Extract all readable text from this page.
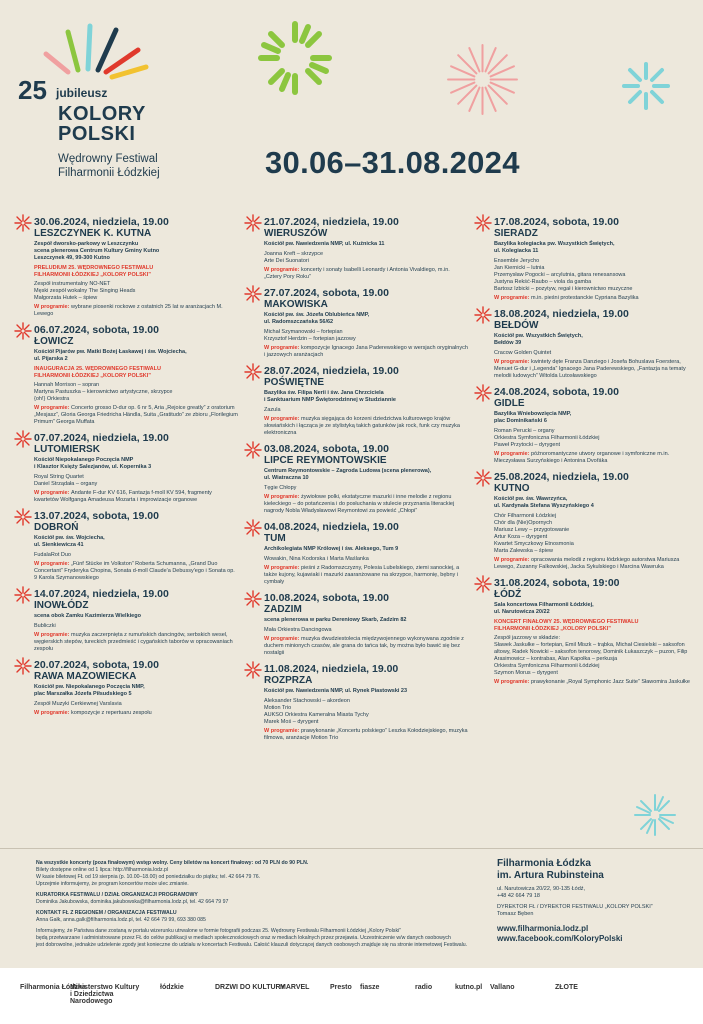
25 jubileusz
KOLORY
POLSKI
Wędrowny Festiwal
Filharmonii Łódzkiej	30.06–31.08.2024
30.06.2024, niedziela, 19.00
LESZCZYNEK K. KUTNA
Zespół dworsko-parkowy w Leszczynku
scena plenerowa Centrum Kultury Gminy Kutno
Leszczynek 49, 99-300 Kutno
PRELUDIUM 25. WĘDROWNEGO FESTIWALU
FILHARMONII ŁÓDZKIEJ „KOLORY POLSKI”
Zespół instrumentalny NO-NET
Męski zespół wokalny The Singing Heads
Małgorzata Hutek – śpiew
W programie: wybrane piosenki rockowe z ostatnich 25 lat w aranżacjach M. Lewego
06.07.2024, sobota, 19.00
ŁOWICZ
Kościół Pijarów pw. Matki Bożej Łaskawej i św. Wojciecha,
ul. Pijarska 2
INAUGURACJA 25. WĘDROWNEGO FESTIWALU
FILHARMONII ŁÓDZKIEJ „KOLORY POLSKI”
Hannah Morrison – sopran
Martyna Pastuszka – kierownictwo artystyczne, skrzypce
{oh!} Orkiestra
W programie: Concerto grosso D-dur op. 6 nr 5, Aria „Rejoice greatly” z oratorium „Mesjasz”, Gloria Georga Friedricha Händla, Suita „Gratitudo” ze zbioru „Florilegium Primum” Georga Muffata
07.07.2024, niedziela, 19.00
LUTOMIERSK
Kościół Niepokalanego Poczęcia NMP
i Klasztor Księży Salezjanów, ul. Kopernika 3
Royal String Quartet
Daniel Strządała – organy
W programie: Andante F-dur KV 616, Fantazja f-moll KV 594, fragmenty kwartetów Wolfganga Amadeusa Mozarta i improwizacje organowe
13.07.2024, sobota, 19.00
DOBROŃ
Kościół pw. św. Wojciecha,
ul. Sienkiewicza 41
FudalaRot Duo
W programie: „Fünf Stücke im Volkston” Roberta Schumanna, „Grand Duo Concertant” Fryderyka Chopina, Sonata d-moll Claude'a Debussy'ego i Sonata op. 9 Karola Szymanowskiego
14.07.2024, niedziela, 19.00
INOWŁÓDZ
scena obok Zamku Kazimierza Wielkiego
Bubliczki
W programie: muzyka zaczerpnięta z rumuńskich dancingów, serbskich wesel, węgierskich stepów, tureckich przedmieść i cygańskich taborów w opracowaniach zespołu
20.07.2024, sobota, 19.00
RAWA MAZOWIECKA
Kościół pw. Niepokalanego Poczęcia NMP,
plac Marszałka Józefa Piłsudskiego 5
Zespół Muzyki Cerkiewnej Varslavia
W programie: kompozycje z repertuaru zespołu
21.07.2024, niedziela, 19.00
WIERUSZÓW
Kościół pw. Nawiedzenia NMP, ul. Kuźnicka 11
Joanna Kreft – skrzypce
Arte Dei Suonatori
W programie: koncerty i sonaty Isabelli Leonardy i Antonia Vivaldiego, m.in. „Cztery Pory Roku”
27.07.2024, sobota, 19.00
MAKOWISKA
Kościół pw. św. Józefa Oblubieńca NMP,
ul. Radomszczańska 56/62
Michał Szymanowski – fortepian
Krzysztof Herdzin – fortepian jazzowy
W programie: kompozycje Ignacego Jana Paderewskiego w wersjach oryginalnych i jazzowych aranżacjach
28.07.2024, niedziela, 19.00
POŚWIĘTNE
Bazylika św. Filipa Nerii i św. Jana Chrzciciela
i Sanktuarium NMP Świętorodzinnej w Studziannie
Zazula
W programie: muzyka sięgająca do korzeni dziedzictwa kulturowego krajów słowiańskich i łącząca je ze stylistyką takich gatunków jak rock, funk czy muzyka elektroniczna
03.08.2024, sobota, 19.00
LIPCE REYMONTOWSKIE
Centrum Reymontowskie – Zagroda Ludowa (scena plenerowa),
ul. Wiatraczna 10
Tęgie Chłopy
W programie: żywiołowe polki, ekstatyczne mazurki i inne melodie z regionu kieleckiego – do potańczenia i do posłuchania w stulecie przyznania literackiej nagrody Nobla Władysławowi Reymontowi za powieść „Chłopi”
04.08.2024, niedziela, 19.00
TUM
Archikolegiata NMP Królowej i św. Aleksego, Tum 9
Wowakin, Nina Kodorska i Marta Maślanka
W programie: pieśni z Radomszczyzny, Polesia Lubelskiego, ziemi sanockiej, a także kujony, kujawiaki i mazurki zaaranżowane na skrzypce, harmonię, bębny i cymbały
10.08.2024, sobota, 19.00
ZADZIM
scena plenerowa w parku Dereniowy Skarb, Zadzim 82
Mała Orkiestra Dancingowa
W programie: muzyka dwudziestolecia międzywojennego wykonywana zgodnie z duchem minionych czasów, ale grana do tańca tak, by można było bawić się bez nostalgii
11.08.2024, niedziela, 19.00
ROZPRZA
Kościół pw. Nawiedzenia NMP, ul. Rynek Piastowski 23
Aleksander Stachowski – akordeon
Motion Trio
AUKSO Orkiestra Kameralna Miasta Tychy
Marek Moś – dyrygent
W programie: prawykonanie „Koncertu polskiego” Leszka Kołodziejskiego, muzyka filmowa, aranżacje Motion Trio
17.08.2024, sobota, 19.00
SIERADZ
Bazylika kolegiacka pw. Wszystkich Świętych,
ul. Kolegiacka 11
Ensemble Jerycho
Jan Kiernicki – lutnia
Przemysław Pogocki – arcylutnia, gitara renesansowa
Justyna Rekść-Raubo – viola da gamba
Bartosz Izbicki – pozytyw, regał i kierownictwo muzyczne
W programie: m.in. pieśni protestanckie Cypriana Bazylika
18.08.2024, niedziela, 19.00
BEŁDÓW
Kościół pw. Wszystkich Świętych,
Bełdów 39
Cracow Golden Quintet
W programie: kwintety dęte Franza Danziego i Josefa Bohuslava Foerstera, Menuet G-dur i „Legenda” Ignacego Jana Paderewskiego, „Fantazja na tematy melodii ludowych” Witolda Lutosławskiego
24.08.2024, sobota, 19.00
GIDLE
Bazylika Wniebowzięcia NMP,
plac Dominikański 6
Roman Perucki – organy
Orkiestra Symfoniczna Filharmonii Łódzkiej
Paweł Przytocki – dyrygent
W programie: późnoromantyczne utwory organowe i symfoniczne m.in. Mieczysława Surzyńskiego i Antonina Dvořáka
25.08.2024, niedziela, 19.00
KUTNO
Kościół pw. św. Wawrzyńca,
ul. Kardynała Stefana Wyszyńskiego 4
Chór Filharmonii Łódzkiej
Chór dla (Nie)Opornych
Mariusz Lewy – przygotowanie
Artur Koza – dyrygent
Kwartet Smyczkowy Etnosmonia
Marta Zalewska – śpiew
W programie: opracowania melodii z regionu łódzkiego autorstwa Mariusza Lewego, Zuzanny Falkowskiej, Jacka Sykulskiego i Marcina Wawruka
31.08.2024, sobota, 19:00
ŁÓDŹ
Sala koncertowa Filharmonii Łódzkiej,
ul. Narutowicza 20/22
KONCERT FINAŁOWY 25. WĘDROWNEGO FESTIWALU
FILHARMONII ŁÓDZKIEJ „KOLORY POLSKI”
Zespół jazzowy w składzie:
Sławek Jaskułke – fortepian, Emil Miszk – trąbka, Michał Ciesielski – saksofon altowy, Radek Nowicki – saksofon tenorowy, Dominik Łukaszczyk – puzon, Filip Arasimowicz – kontrabas, Alan Kapołka – perkusja
Orkiestra Symfoniczna Filharmonii Łódzkiej
Szymon Morus – dyrygent
W programie: prawykonanie „Royal Symphonic Jazz Suite” Sławomira Jaskułke
Na wszystkie koncerty (poza finałowym) wstęp wolny. Ceny biletów na koncert finałowy: od 70 PLN do 90 PLN.
Bilety dostępne online od 1 lipca: http://filharmonia.lodz.pl
W kasie biletowej FŁ od 19 sierpnia (p. 10.00–18.00) od poniedziałku do piątku; tel. 42 664 79 76.
Uprzejmie informujemy, że program koncertów może ulec zmianie.
KURATORKA FESTIWALU / DZIAŁ ORGANIZACJI PROGRAMOWY
Dominika Jakubowska, dominika.jakubowska@filharmonia.lodz.pl, tel. 42 664 79 97
KONTAKT FŁ Z REGIONEM / ORGANIZACJA FESTIWALU
Anna Gałk, anna.galk@filharmonia.lodz.pl, tel. 42 664 79 99, 693 380 085
Informujemy, że Państwa dane zostaną w portalu wizerunku utrwalone w formie fotografii podczas 25. Wędrowny Festiwalu Filharmonii Łódzkiej „Kolory Polski”
będą przetwarzane i administrowane przez FŁ do celów publikacji w mediach społecznościowych oraz w mediach lokalnych przez przejawia. Uczestniczenie w/w danych osobowych
jest dobrowolne, jednakże udzielenie zgody jest konieczne do udziału w koncertach Festiwalu. Całość klauzuli dotyczącej danych osobowych znajduje się na stronie internetowej Festiwalu.
Filharmonia Łódzka
im. Artura Rubinsteina
ul. Narutowicza 20/22, 90-135 Łódź,
+48 42 664 79 18
DYREKTOR FŁ / DYREKTOR FESTIWALU „KOLORY POLSKI”
Tomasz Bęben
www.filharmonia.lodz.pl
www.facebook.com/KoloryPolski
Filharmonia Łódzka
Ministerstwo Kultury i Dziedzictwa Narodowego
łódzkie	DRZWI DO KULTURY
MARVEL	Presto fiasze	radio	kutno.pl Vallano	ZŁOTE
